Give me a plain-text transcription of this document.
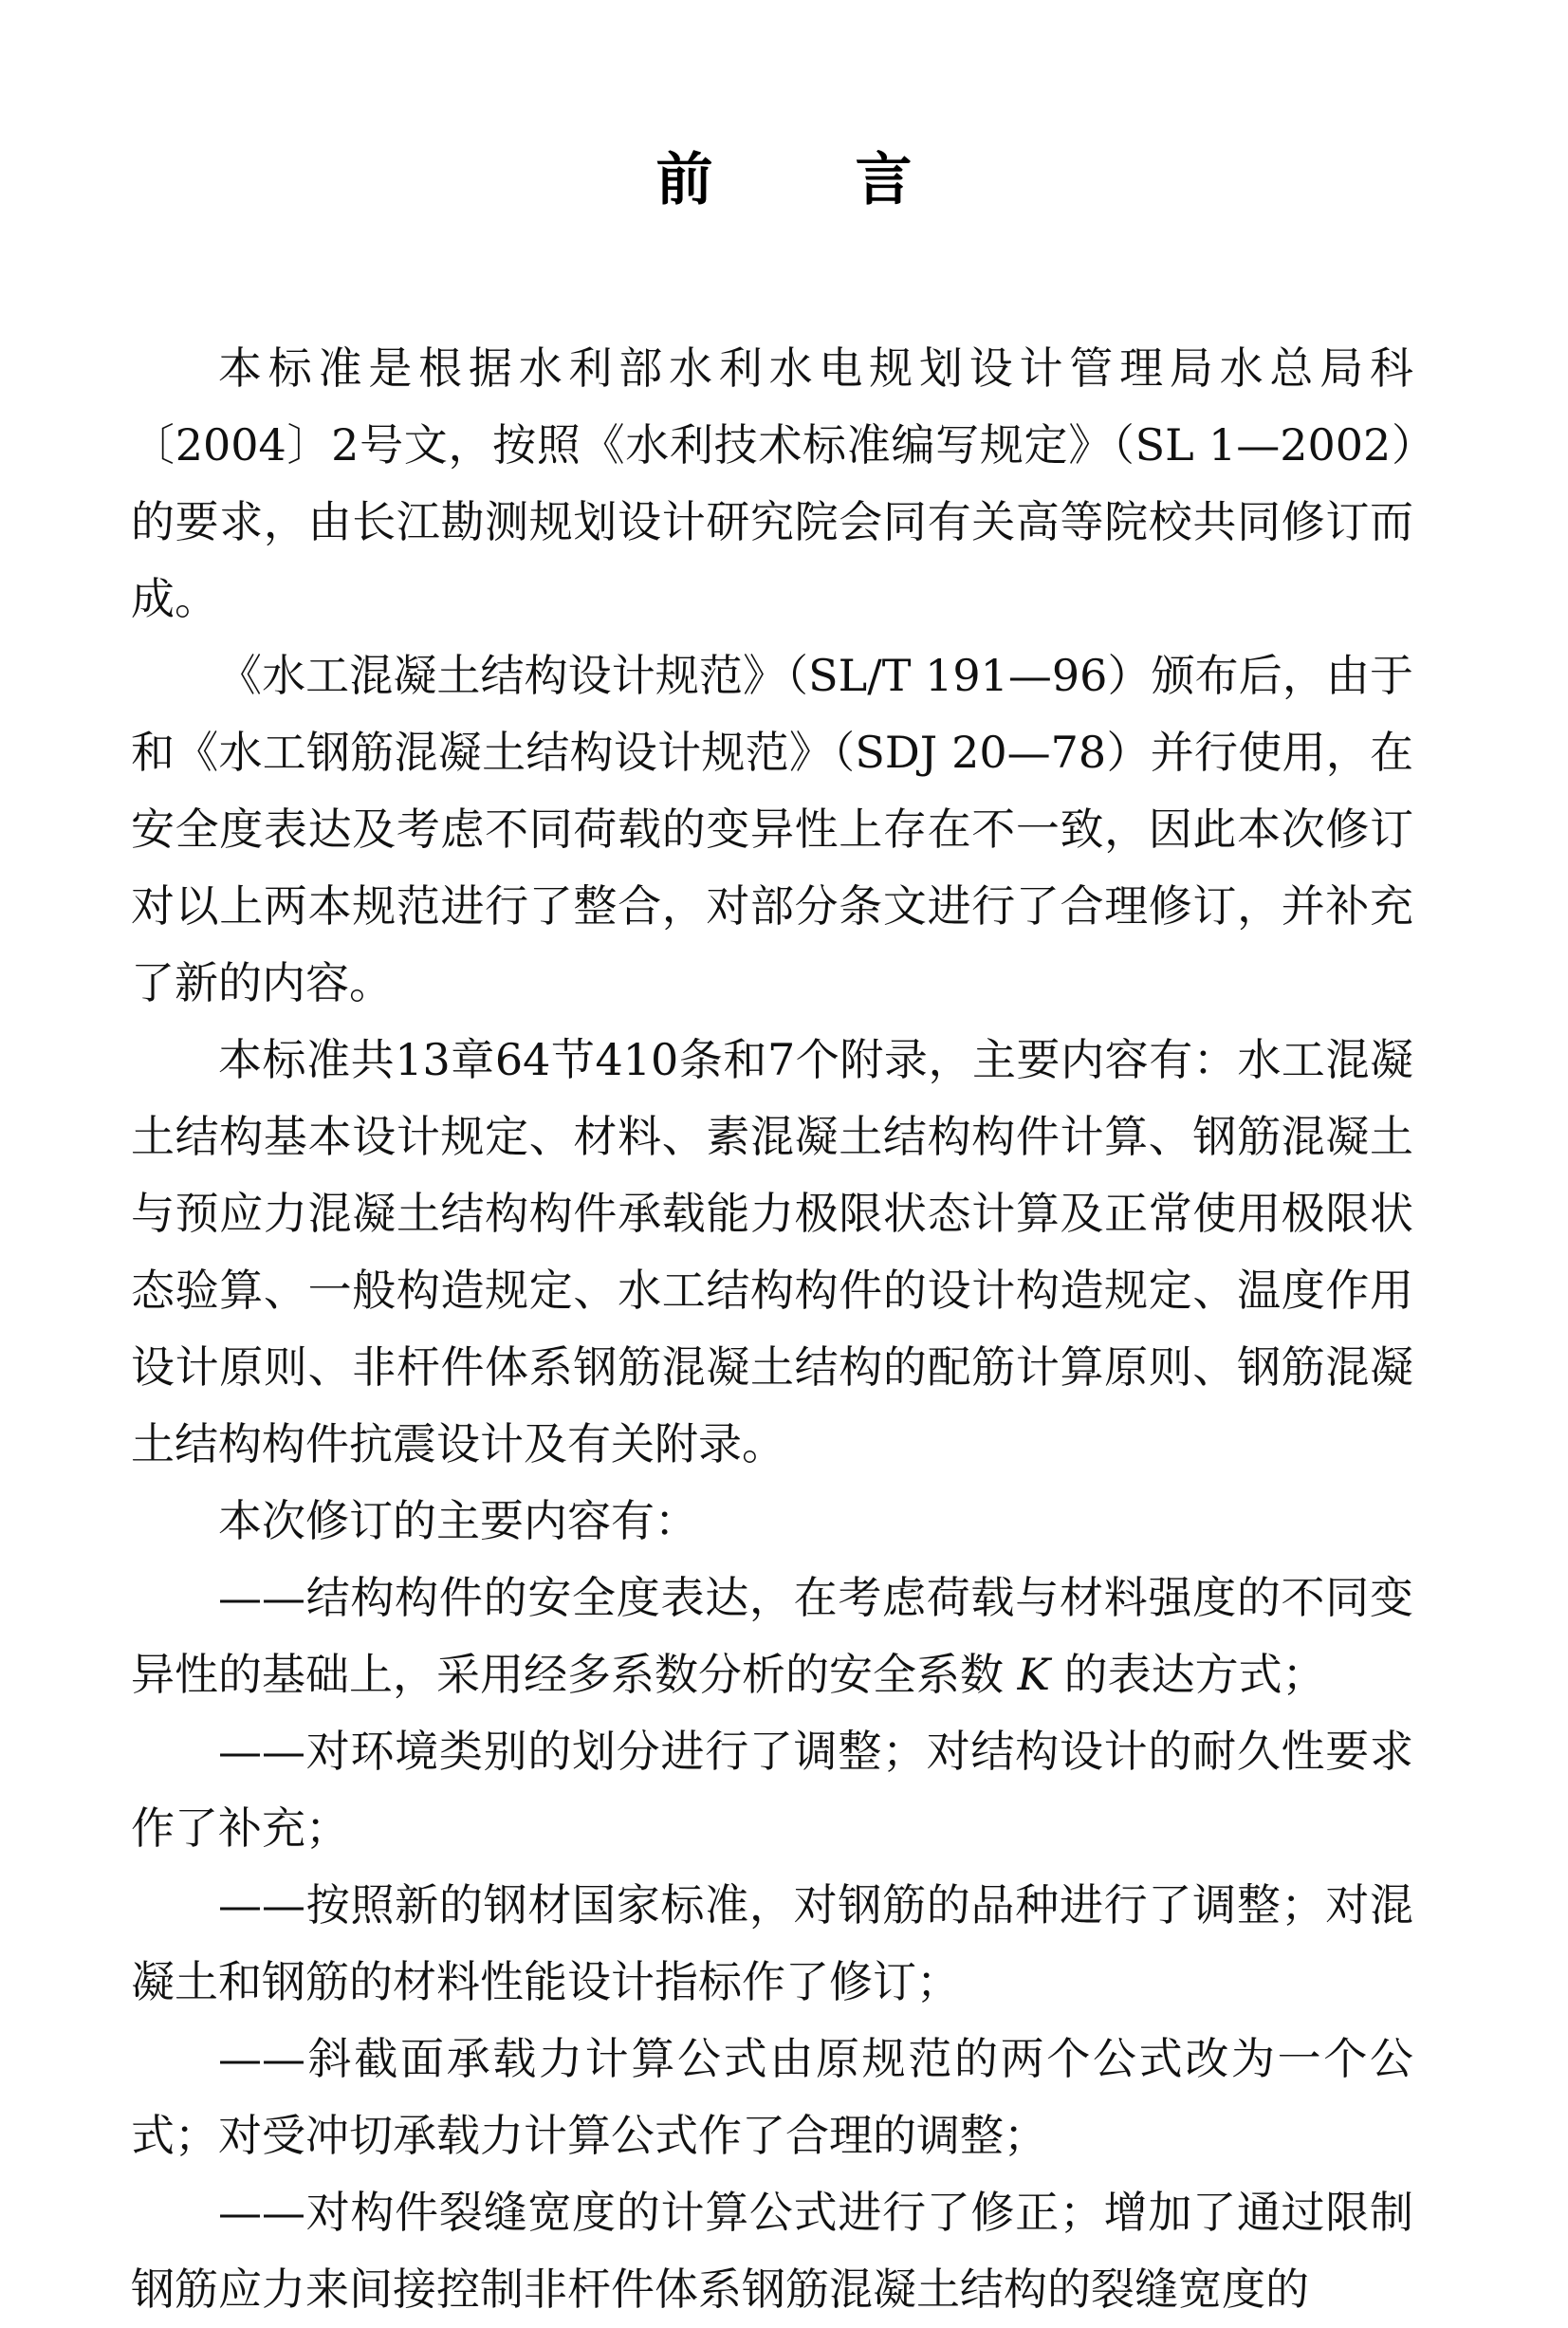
前言

本标准是根据水利部水利水电规划设计管理局水总局科〔2004〕2号文，按照《水利技术标准编写规定》（SL 1—2002）的要求，由长江勘测规划设计研究院会同有关高等院校共同修订而成。

《水工混凝土结构设计规范》（SL/T 191—96）颁布后，由于和《水工钢筋混凝土结构设计规范》（SDJ 20—78）并行使用，在安全度表达及考虑不同荷载的变异性上存在不一致，因此本次修订对以上两本规范进行了整合，对部分条文进行了合理修订，并补充了新的内容。

本标准共13章64节410条和7个附录，主要内容有：水工混凝土结构基本设计规定、材料、素混凝土结构构件计算、钢筋混凝土与预应力混凝土结构构件承载能力极限状态计算及正常使用极限状态验算、一般构造规定、水工结构构件的设计构造规定、温度作用设计原则、非杆件体系钢筋混凝土结构的配筋计算原则、钢筋混凝土结构构件抗震设计及有关附录。

本次修订的主要内容有：

——结构构件的安全度表达，在考虑荷载与材料强度的不同变异性的基础上，采用经多系数分析的安全系数 K 的表达方式；

——对环境类别的划分进行了调整；对结构设计的耐久性要求作了补充；

——按照新的钢材国家标准，对钢筋的品种进行了调整；对混凝土和钢筋的材料性能设计指标作了修订；

——斜截面承载力计算公式由原规范的两个公式改为一个公式；对受冲切承载力计算公式作了合理的调整；

——对构件裂缝宽度的计算公式进行了修正；增加了通过限制钢筋应力来间接控制非杆件体系钢筋混凝土结构的裂缝宽度的
